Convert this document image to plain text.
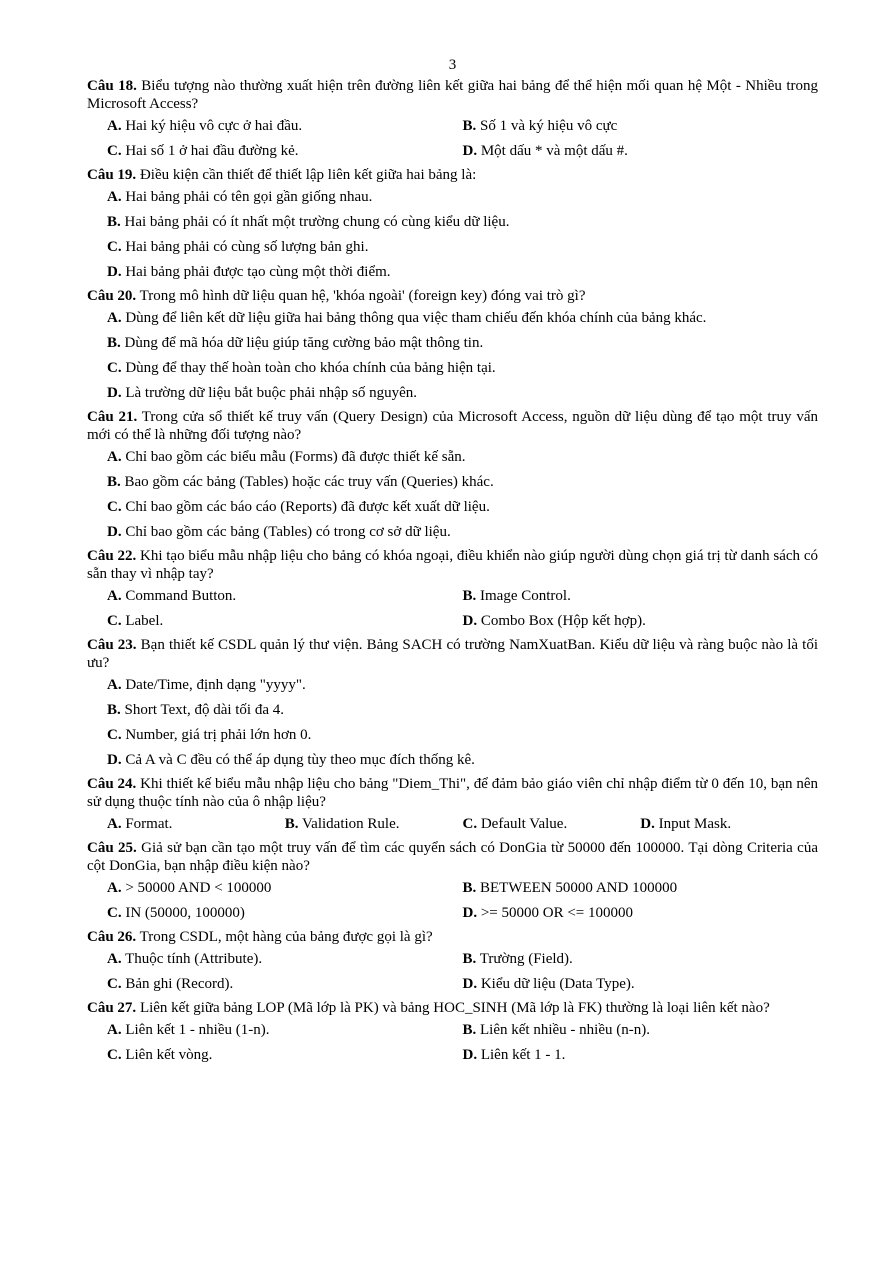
3
Câu 18. Biểu tượng nào thường xuất hiện trên đường liên kết giữa hai bảng để thể hiện mối quan hệ Một - Nhiều trong Microsoft Access?
A. Hai ký hiệu vô cực ở hai đầu.	B. Số 1 và ký hiệu vô cực
C. Hai số 1 ở hai đầu đường kẻ.	D. Một dấu * và một dấu #.
Câu 19. Điều kiện cần thiết để thiết lập liên kết giữa hai bảng là:
A. Hai bảng phải có tên gọi gần giống nhau.
B. Hai bảng phải có ít nhất một trường chung có cùng kiểu dữ liệu.
C. Hai bảng phải có cùng số lượng bản ghi.
D. Hai bảng phải được tạo cùng một thời điểm.
Câu 20. Trong mô hình dữ liệu quan hệ, 'khóa ngoài' (foreign key) đóng vai trò gì?
A. Dùng để liên kết dữ liệu giữa hai bảng thông qua việc tham chiếu đến khóa chính của bảng khác.
B. Dùng để mã hóa dữ liệu giúp tăng cường bảo mật thông tin.
C. Dùng để thay thế hoàn toàn cho khóa chính của bảng hiện tại.
D. Là trường dữ liệu bắt buộc phải nhập số nguyên.
Câu 21. Trong cửa sổ thiết kế truy vấn (Query Design) của Microsoft Access, nguồn dữ liệu dùng để tạo một truy vấn mới có thể là những đối tượng nào?
A. Chỉ bao gồm các biểu mẫu (Forms) đã được thiết kế sẵn.
B. Bao gồm các bảng (Tables) hoặc các truy vấn (Queries) khác.
C. Chỉ bao gồm các báo cáo (Reports) đã được kết xuất dữ liệu.
D. Chỉ bao gồm các bảng (Tables) có trong cơ sở dữ liệu.
Câu 22. Khi tạo biểu mẫu nhập liệu cho bảng có khóa ngoại, điều khiển nào giúp người dùng chọn giá trị từ danh sách có sẵn thay vì nhập tay?
A. Command Button.	B. Image Control.
C. Label.	D. Combo Box (Hộp kết hợp).
Câu 23. Bạn thiết kế CSDL quản lý thư viện. Bảng SACH có trường NamXuatBan. Kiểu dữ liệu và ràng buộc nào là tối ưu?
A. Date/Time, định dạng "yyyy".
B. Short Text, độ dài tối đa 4.
C. Number, giá trị phải lớn hơn 0.
D. Cả A và C đều có thể áp dụng tùy theo mục đích thống kê.
Câu 24. Khi thiết kế biểu mẫu nhập liệu cho bảng "Diem_Thi", để đảm bảo giáo viên chỉ nhập điểm từ 0 đến 10, bạn nên sử dụng thuộc tính nào của ô nhập liệu?
A. Format.	B. Validation Rule.	C. Default Value.	D. Input Mask.
Câu 25. Giả sử bạn cần tạo một truy vấn để tìm các quyển sách có DonGia từ 50000 đến 100000. Tại dòng Criteria của cột DonGia, bạn nhập điều kiện nào?
A. > 50000 AND < 100000	B. BETWEEN 50000 AND 100000
C. IN (50000, 100000)	D. >= 50000 OR <= 100000
Câu 26. Trong CSDL, một hàng của bảng được gọi là gì?
A. Thuộc tính (Attribute).	B. Trường (Field).
C. Bản ghi (Record).	D. Kiểu dữ liệu (Data Type).
Câu 27. Liên kết giữa bảng LOP (Mã lớp là PK) và bảng HOC_SINH (Mã lớp là FK) thường là loại liên kết nào?
A. Liên kết 1 - nhiều (1-n).	B. Liên kết nhiều - nhiều (n-n).
C. Liên kết vòng.	D. Liên kết 1 - 1.
